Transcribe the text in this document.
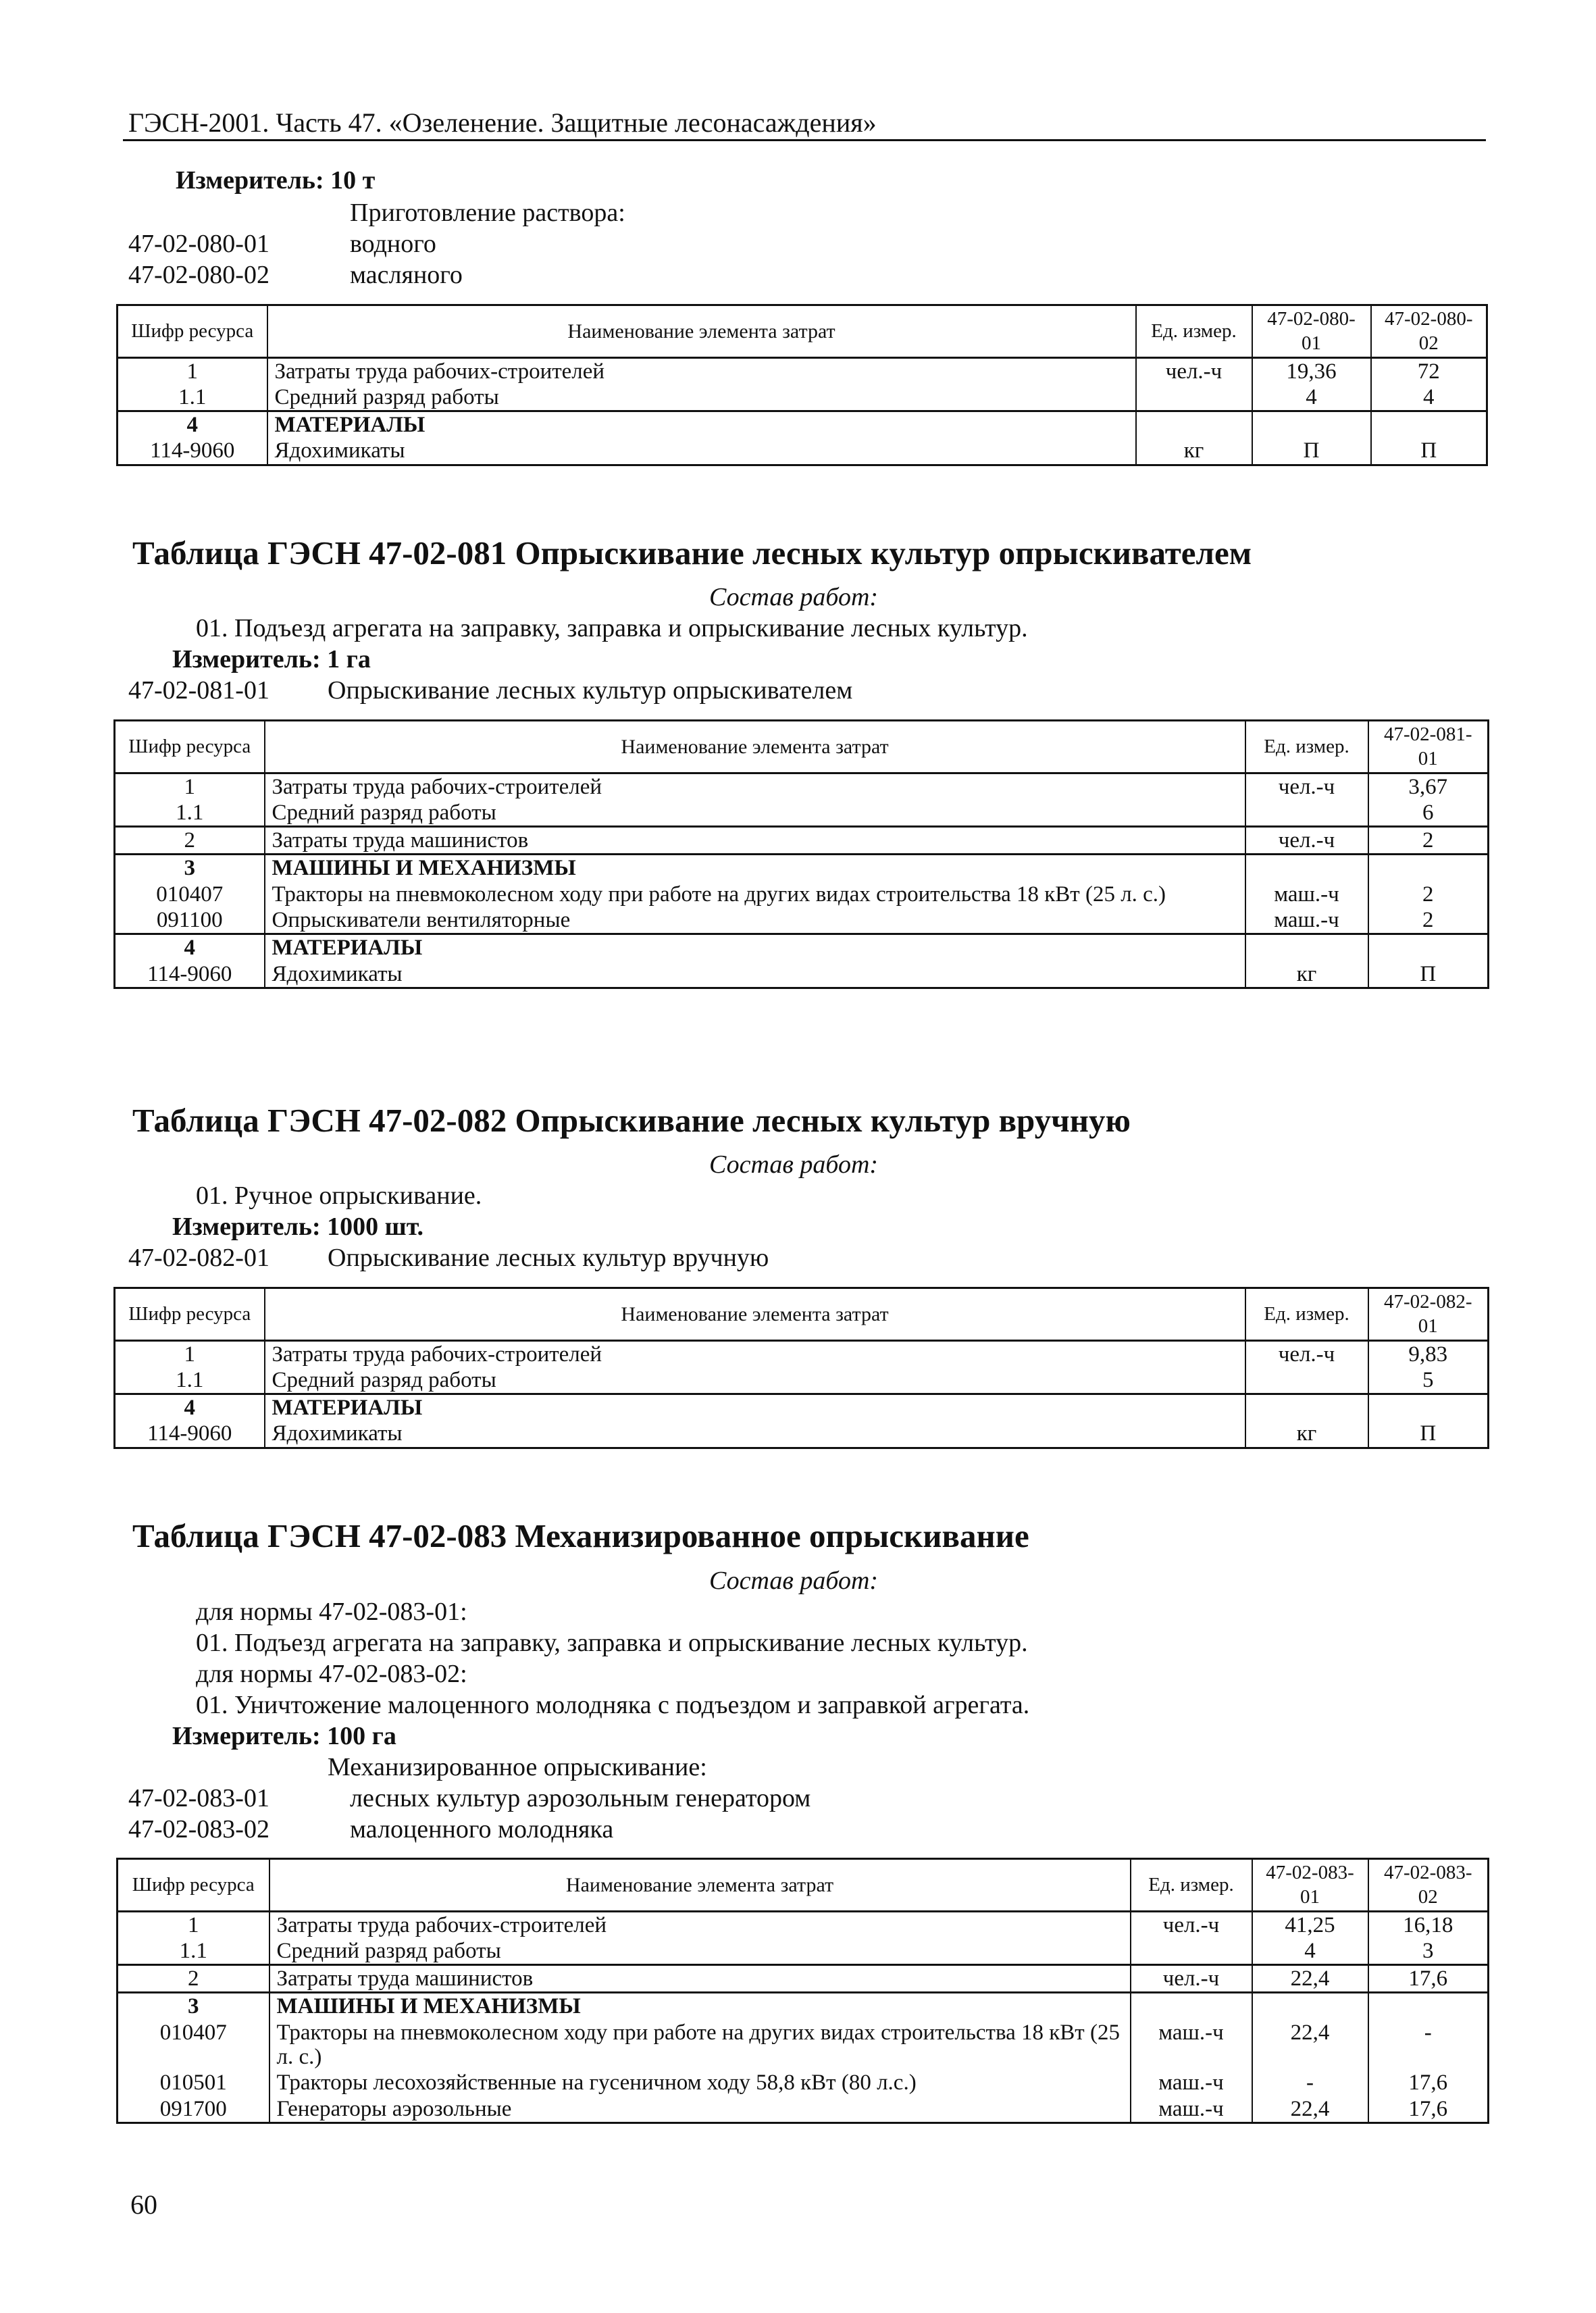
ГЭСН-2001. Часть 47. «Озеленение. Защитные лесонасаждения»
Измеритель: 10 т
Приготовление раствора:
47-02-080-01	водного
47-02-080-02	масляного
Шифр ресурса	Наименование элемента затрат	Ед. измер.	47-02-080-01	47-02-080-02
1	Затраты труда рабочих-строителей	чел.-ч	19,36	72
1.1	Средний разряд работы		4	4
4	МАТЕРИАЛЫ			
114-9060	Ядохимикаты	кг	П	П
Таблица ГЭСН 47-02-081 Опрыскивание лесных культур опрыскивателем
Состав работ:
01. Подъезд агрегата на заправку, заправка и опрыскивание лесных культур.
Измеритель: 1 га
47-02-081-01 Опрыскивание лесных культур опрыскивателем
Шифр ресурса	Наименование элемента затрат	Ед. измер.	47-02-081-01
1	Затраты труда рабочих-строителей	чел.-ч	3,67
1.1	Средний разряд работы		6
2	Затраты труда машинистов	чел.-ч	2
3	МАШИНЫ И МЕХАНИЗМЫ		
010407	Тракторы на пневмоколесном ходу при работе на других видах строительства 18 кВт (25 л. с.)	маш.-ч	2
091100	Опрыскиватели вентиляторные	маш.-ч	2
4	МАТЕРИАЛЫ		
114-9060	Ядохимикаты	кг	П
Таблица ГЭСН 47-02-082 Опрыскивание лесных культур вручную
Состав работ:
01. Ручное опрыскивание.
Измеритель: 1000 шт.
47-02-082-01 Опрыскивание лесных культур вручную
Шифр ресурса	Наименование элемента затрат	Ед. измер.	47-02-082-01
1	Затраты труда рабочих-строителей	чел.-ч	9,83
1.1	Средний разряд работы		5
4	МАТЕРИАЛЫ		
114-9060	Ядохимикаты	кг	П
Таблица ГЭСН 47-02-083 Механизированное опрыскивание
Состав работ:
для нормы 47-02-083-01:
01. Подъезд агрегата на заправку, заправка и опрыскивание лесных культур.
для нормы 47-02-083-02:
01. Уничтожение малоценного молодняка с подъездом и заправкой агрегата.
Измеритель: 100 га
Механизированное опрыскивание:
47-02-083-01	лесных культур аэрозольным генератором
47-02-083-02	малоценного молодняка
Шифр ресурса	Наименование элемента затрат	Ед. измер.	47-02-083-01	47-02-083-02
1	Затраты труда рабочих-строителей	чел.-ч	41,25	16,18
1.1	Средний разряд работы		4	3
2	Затраты труда машинистов	чел.-ч	22,4	17,6
3	МАШИНЫ И МЕХАНИЗМЫ			
010407	Тракторы на пневмоколесном ходу при работе на других видах строительства 18 кВт (25 л. с.)	маш.-ч	22,4	-
010501	Тракторы лесохозяйственные на гусеничном ходу 58,8 кВт (80 л.с.)	маш.-ч	-	17,6
091700	Генераторы аэрозольные	маш.-ч	22,4	17,6
60
